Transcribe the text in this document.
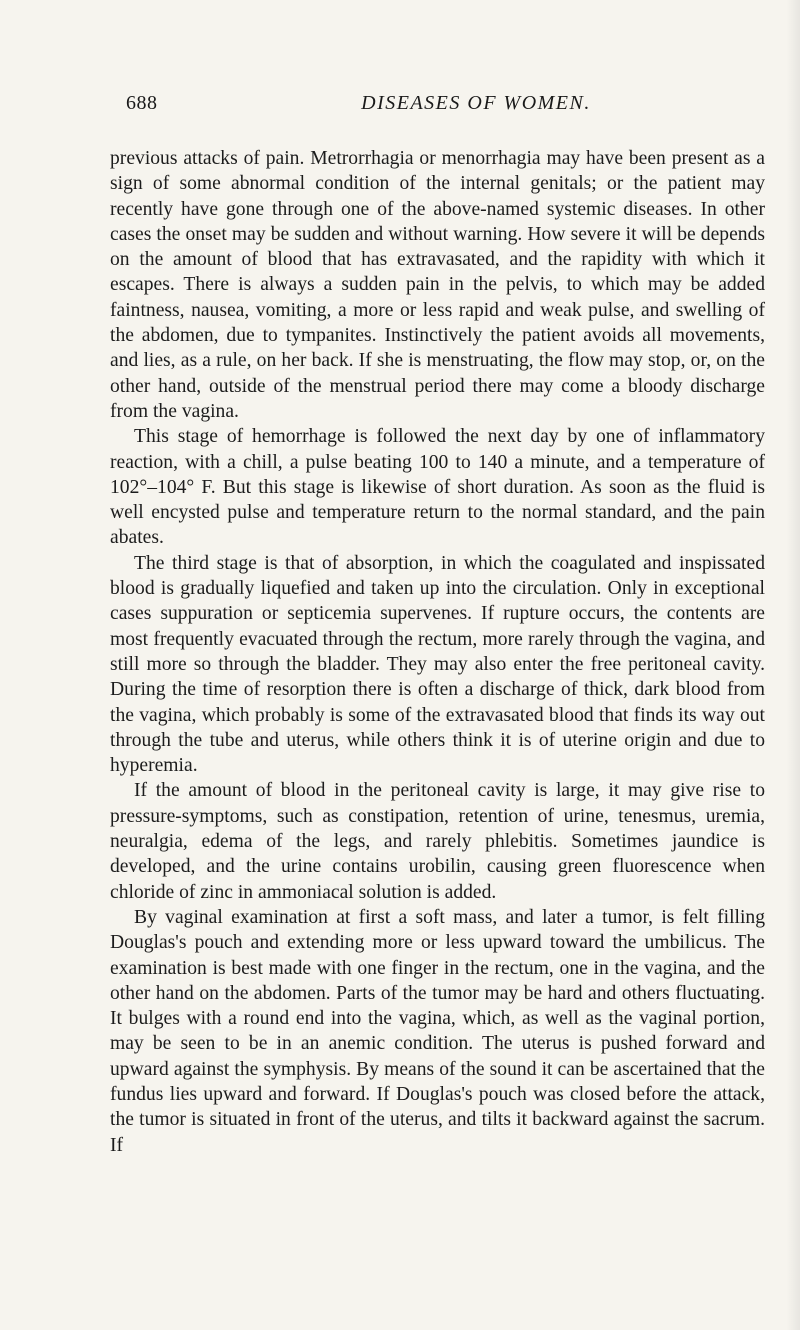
688	DISEASES OF WOMEN.

previous attacks of pain. Metrorrhagia or menorrhagia may have been present as a sign of some abnormal condition of the internal genitals; or the patient may recently have gone through one of the above-named systemic diseases. In other cases the onset may be sudden and without warning. How severe it will be depends on the amount of blood that has extravasated, and the rapidity with which it escapes. There is always a sudden pain in the pelvis, to which may be added faintness, nausea, vomiting, a more or less rapid and weak pulse, and swelling of the abdomen, due to tympanites. Instinctively the patient avoids all movements, and lies, as a rule, on her back. If she is menstruating, the flow may stop, or, on the other hand, outside of the menstrual period there may come a bloody discharge from the vagina.

This stage of hemorrhage is followed the next day by one of inflammatory reaction, with a chill, a pulse beating 100 to 140 a minute, and a temperature of 102°–104° F. But this stage is likewise of short duration. As soon as the fluid is well encysted pulse and temperature return to the normal standard, and the pain abates.

The third stage is that of absorption, in which the coagulated and inspissated blood is gradually liquefied and taken up into the circulation. Only in exceptional cases suppuration or septicemia supervenes. If rupture occurs, the contents are most frequently evacuated through the rectum, more rarely through the vagina, and still more so through the bladder. They may also enter the free peritoneal cavity. During the time of resorption there is often a discharge of thick, dark blood from the vagina, which probably is some of the extravasated blood that finds its way out through the tube and uterus, while others think it is of uterine origin and due to hyperemia.

If the amount of blood in the peritoneal cavity is large, it may give rise to pressure-symptoms, such as constipation, retention of urine, tenesmus, uremia, neuralgia, edema of the legs, and rarely phlebitis. Sometimes jaundice is developed, and the urine contains urobilin, causing green fluorescence when chloride of zinc in ammoniacal solution is added.

By vaginal examination at first a soft mass, and later a tumor, is felt filling Douglas's pouch and extending more or less upward toward the umbilicus. The examination is best made with one finger in the rectum, one in the vagina, and the other hand on the abdomen. Parts of the tumor may be hard and others fluctuating. It bulges with a round end into the vagina, which, as well as the vaginal portion, may be seen to be in an anemic condition. The uterus is pushed forward and upward against the symphysis. By means of the sound it can be ascertained that the fundus lies upward and forward. If Douglas's pouch was closed before the attack, the tumor is situated in front of the uterus, and tilts it backward against the sacrum. If
